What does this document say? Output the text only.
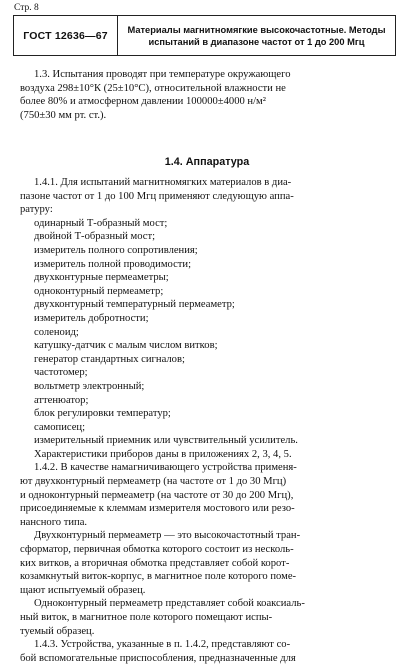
Стр. 8
ГОСТ 12636—67	Материалы магнитномягкие высокочастотные. Методы
испытаний в диапазоне частот от 1 до 200 Мгц
1.3. Испытания проводят при температуре окружающего
воздуха 298±10°К (25±10°С), относительной влажности не
более 80% и атмосферном давлении 100000±4000 н/м²
(750±30 мм рт. ст.).
1.4. Аппаратура
1.4.1. Для испытаний магнитномягких материалов в диа-
пазоне частот от 1 до 100 Мгц применяют следующую аппа-
ратуру:
одинарный Т-образный мост;
двойной Т-образный мост;
измеритель полного сопротивления;
измеритель полной проводимости;
двухконтурные пермеаметры;
одноконтурный пермеаметр;
двухконтурный температурный пермеаметр;
измеритель добротности;
соленоид;
катушку-датчик с малым числом витков;
генератор стандартных сигналов;
частотомер;
вольтметр электронный;
аттенюатор;
блок регулировки температур;
самописец;
измерительный приемник или чувствительный усилитель.
Характеристики приборов даны в приложениях 2, 3, 4, 5.
1.4.2. В качестве намагничивающего устройства применя-
ют двухконтурный пермеаметр (на частоте от 1 до 30 Мгц)
и одноконтурный пермеаметр (на частоте от 30 до 200 Мгц),
присоединяемые к клеммам измерителя мостового или резо-
нансного типа.
Двухконтурный пермеаметр — это высокочастотный тран-
сформатор, первичная обмотка которого состоит из несколь-
ких витков, а вторичная обмотка представляет собой корот-
козамкнутый виток-корпус, в магнитное поле которого поме-
щают испытуемый образец.
Одноконтурный пермеаметр представляет собой коаксиаль-
ный виток, в магнитное поле которого помещают испы-
туемый образец.
1.4.3. Устройства, указанные в п. 1.4.2, представляют со-
бой вспомогательные приспособления, предназначенные для
